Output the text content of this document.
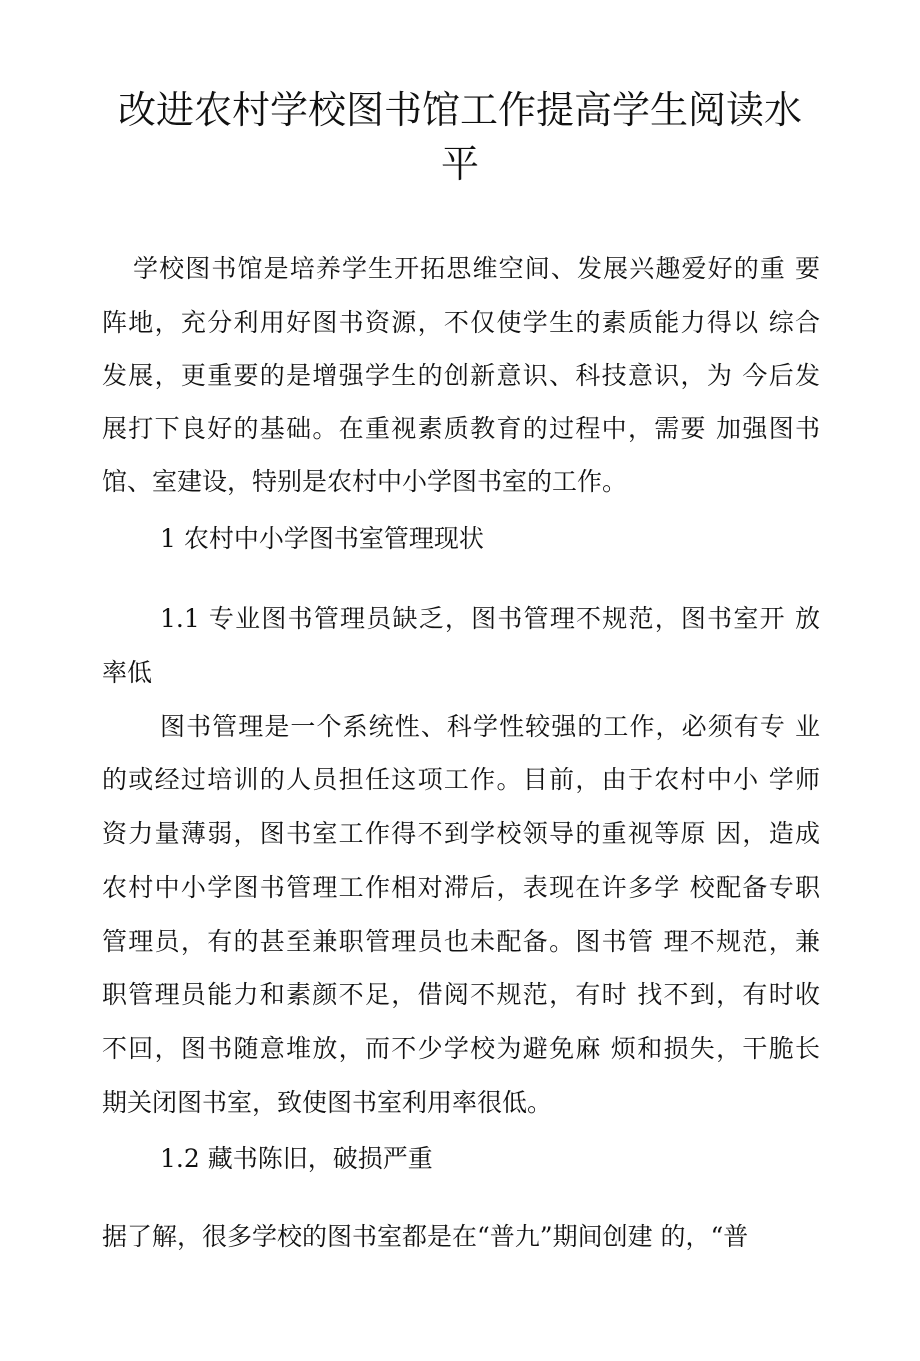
改进农村学校图书馆工作提高学生阅读水
平
学校图书馆是培养学生开拓思维空间、发展兴趣爱好的重 要
阵地，充分利用好图书资源，不仅使学生的素质能力得以 综合
发展，更重要的是增强学生的创新意识、科技意识，为 今后发
展打下良好的基础。在重视素质教育的过程中，需要 加强图书
馆、室建设，特别是农村中小学图书室的工作。
1 农村中小学图书室管理现状
1.1 专业图书管理员缺乏，图书管理不规范，图书室开 放
率低
图书管理是一个系统性、科学性较强的工作，必须有专 业
的或经过培训的人员担任这项工作。目前，由于农村中小 学师
资力量薄弱，图书室工作得不到学校领导的重视等原 因，造成
农村中小学图书管理工作相对滞后，表现在许多学 校配备专职
管理员，有的甚至兼职管理员也未配备。图书管 理不规范，兼
职管理员能力和素颜不足，借阅不规范，有时 找不到，有时收
不回，图书随意堆放，而不少学校为避免麻 烦和损失，干脆长
期关闭图书室，致使图书室利用率很低。
1.2 藏书陈旧，破损严重
据了解，很多学校的图书室都是在“普九”期间创建 的，“普
